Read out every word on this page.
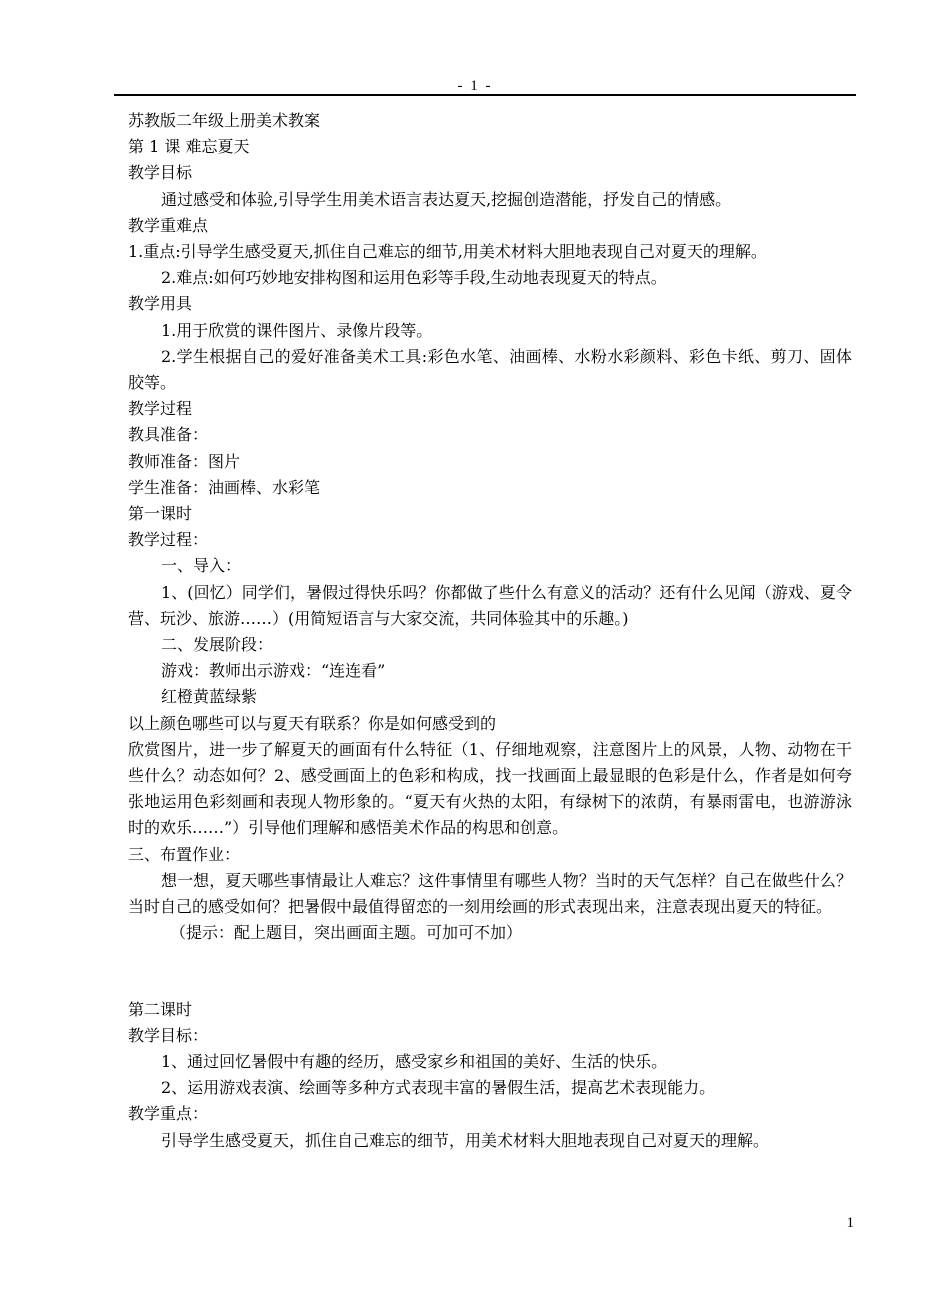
- 1 -

苏教版二年级上册美术教案

第 1 课 难忘夏天

教学目标

通过感受和体验,引导学生用美术语言表达夏天,挖掘创造潜能，抒发自己的情感。

教学重难点

1.重点:引导学生感受夏天,抓住自己难忘的细节,用美术材料大胆地表现自己对夏天的理解。

2.难点:如何巧妙地安排构图和运用色彩等手段,生动地表现夏天的特点。

教学用具

1.用于欣赏的课件图片、录像片段等。

2.学生根据自己的爱好准备美术工具:彩色水笔、油画棒、水粉水彩颜料、彩色卡纸、剪刀、固体胶等。

教学过程

教具准备：

教师准备：图片

学生准备：油画棒、水彩笔

第一课时

教学过程：

一、导入：

1、(回忆）同学们，暑假过得快乐吗？你都做了些什么有意义的活动？还有什么见闻（游戏、夏令营、玩沙、旅游……）(用简短语言与大家交流，共同体验其中的乐趣。)

二、发展阶段：

游戏：教师出示游戏：“连连看”

红橙黄蓝绿紫

以上颜色哪些可以与夏天有联系？你是如何感受到的

欣赏图片，进一步了解夏天的画面有什么特征（1、仔细地观察，注意图片上的风景，人物、动物在干些什么？动态如何？2、感受画面上的色彩和构成，找一找画面上最显眼的色彩是什么，作者是如何夸张地运用色彩刻画和表现人物形象的。“夏天有火热的太阳，有绿树下的浓荫，有暴雨雷电，也游游泳时的欢乐……”）引导他们理解和感悟美术作品的构思和创意。

三、布置作业：

想一想，夏天哪些事情最让人难忘？这件事情里有哪些人物？当时的天气怎样？自己在做些什么？当时自己的感受如何？把暑假中最值得留恋的一刻用绘画的形式表现出来，注意表现出夏天的特征。

（提示：配上题目，突出画面主题。可加可不加）

第二课时

教学目标：

1、通过回忆暑假中有趣的经历，感受家乡和祖国的美好、生活的快乐。

2、运用游戏表演、绘画等多种方式表现丰富的暑假生活，提高艺术表现能力。

教学重点：

引导学生感受夏天，抓住自己难忘的细节，用美术材料大胆地表现自己对夏天的理解。

1
